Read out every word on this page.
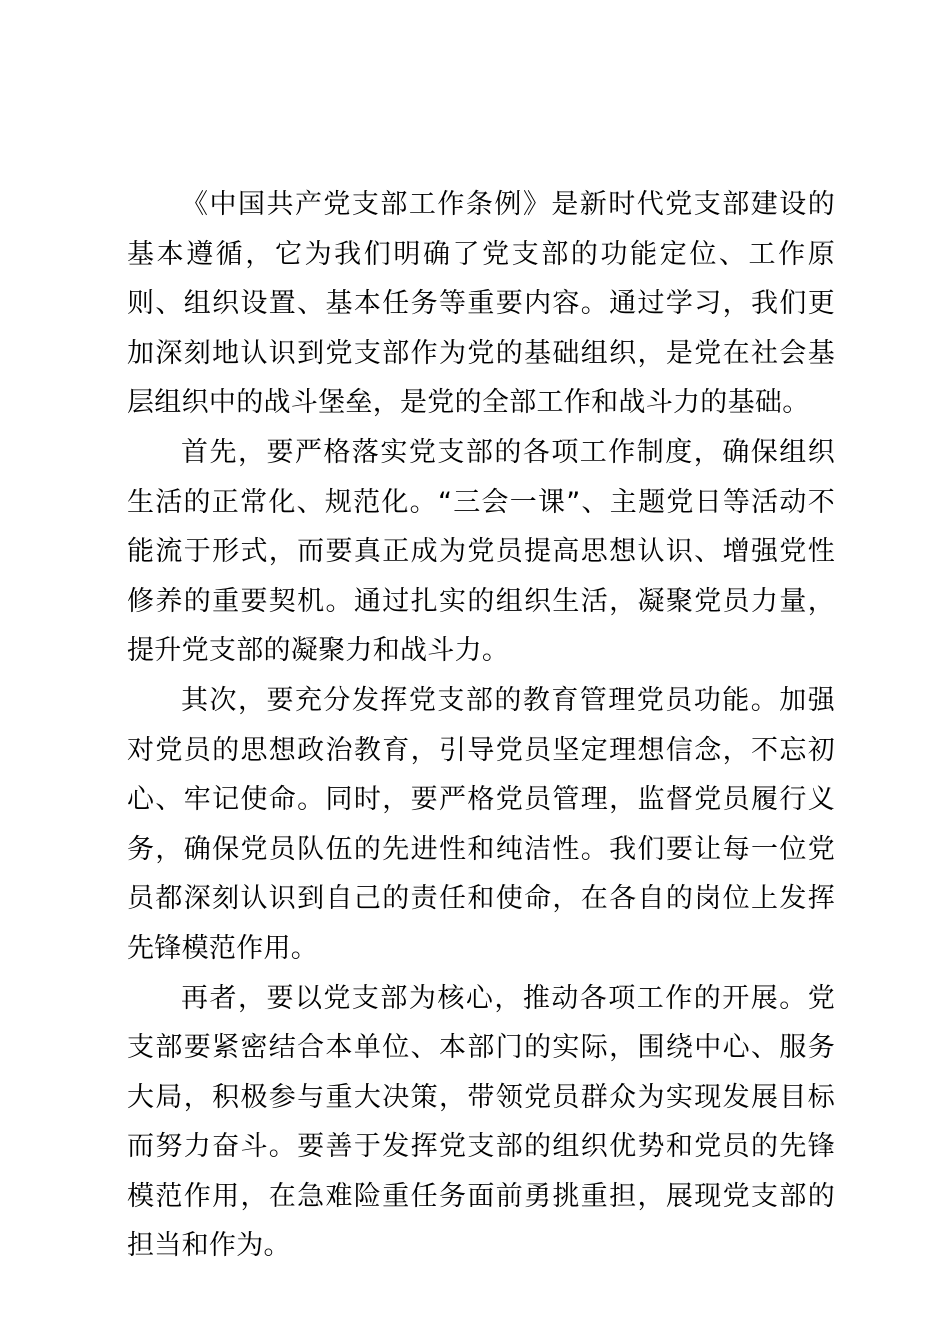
《中国共产党支部工作条例》是新时代党支部建设的基本遵循，它为我们明确了党支部的功能定位、工作原则、组织设置、基本任务等重要内容。通过学习，我们更加深刻地认识到党支部作为党的基础组织，是党在社会基层组织中的战斗堡垒，是党的全部工作和战斗力的基础。

首先，要严格落实党支部的各项工作制度，确保组织生活的正常化、规范化。“三会一课”、主题党日等活动不能流于形式，而要真正成为党员提高思想认识、增强党性修养的重要契机。通过扎实的组织生活，凝聚党员力量，提升党支部的凝聚力和战斗力。

其次，要充分发挥党支部的教育管理党员功能。加强对党员的思想政治教育，引导党员坚定理想信念，不忘初心、牢记使命。同时，要严格党员管理，监督党员履行义务，确保党员队伍的先进性和纯洁性。我们要让每一位党员都深刻认识到自己的责任和使命，在各自的岗位上发挥先锋模范作用。

再者，要以党支部为核心，推动各项工作的开展。党支部要紧密结合本单位、本部门的实际，围绕中心、服务大局，积极参与重大决策，带领党员群众为实现发展目标而努力奋斗。要善于发挥党支部的组织优势和党员的先锋模范作用，在急难险重任务面前勇挑重担，展现党支部的担当和作为。
